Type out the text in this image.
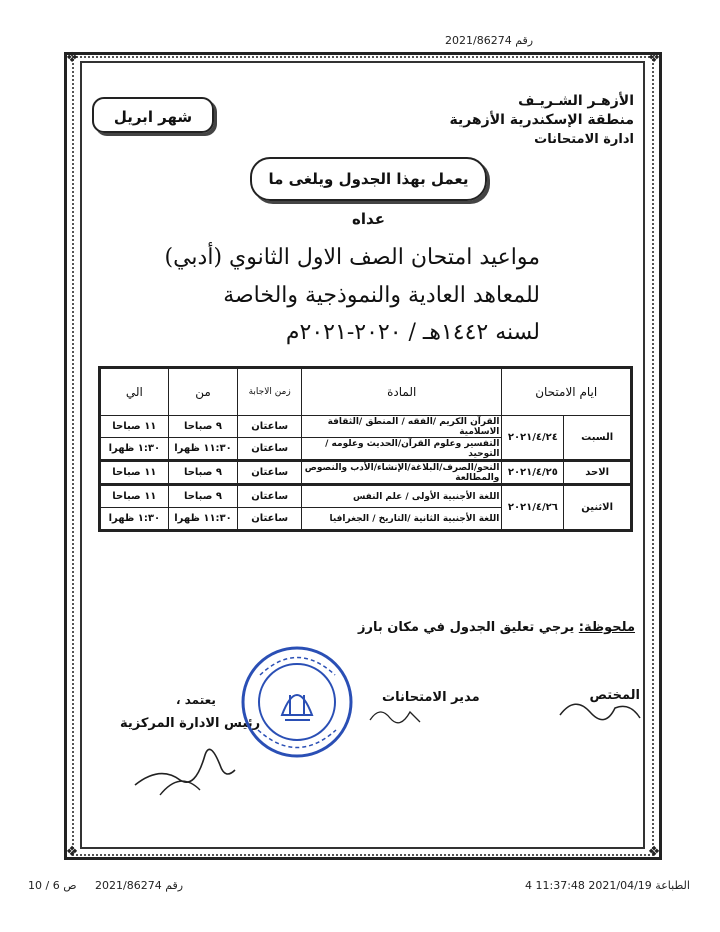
رقم 2021/86274
❖	❖
❖	❖
الأزهـر الشـريـف
منطقة الإسكندرية الأزهرية
ادارة الامتحانات
شهر ابريل
يعمل بهذا الجدول ويلغى ما عداه
مواعيد امتحان الصف الاول الثانوي (أدبي)
للمعاهد العادية والنموذجية والخاصة
لسنه ١٤٤٢هـ / ٢٠٢٠-٢٠٢١م
ايام الامتحان		المادة	زمن الاجابة	من	الي
السبت	٢٠٢١/٤/٢٤	القرآن الكريم /الفقه / المنطق /الثقافة الاسلامية	ساعتان	٩ صباحا	١١ صباحا
		التفسير وعلوم القرآن/الحديث وعلومه /التوحيد	ساعتان	١١:٣٠ ظهرا	١:٣٠ ظهرا
الاحد	٢٠٢١/٤/٢٥	النحو/الصرف/البلاغة/الإنشاء/الأدب والنصوص والمطالعة	ساعتان	٩ صباحا	١١ صباحا
الاثنين	٢٠٢١/٤/٢٦	اللغة الأجنبية الأولى / علم النفس	ساعتان	٩ صباحا	١١ صباحا
		اللغة الأجنبية الثانية /التاريخ / الجغرافيا	ساعتان	١١:٣٠ ظهرا	١:٣٠ ظهرا
ملحوظة: يرجي تعليق الجدول في مكان بارز
المختص
مدير الامتحانات
يعتمد ،
رئيس الادارة المركزية
ص 6 / 10 رقم 2021/86274	الطباعة 2021/04/19 11:37:48 ‎4
